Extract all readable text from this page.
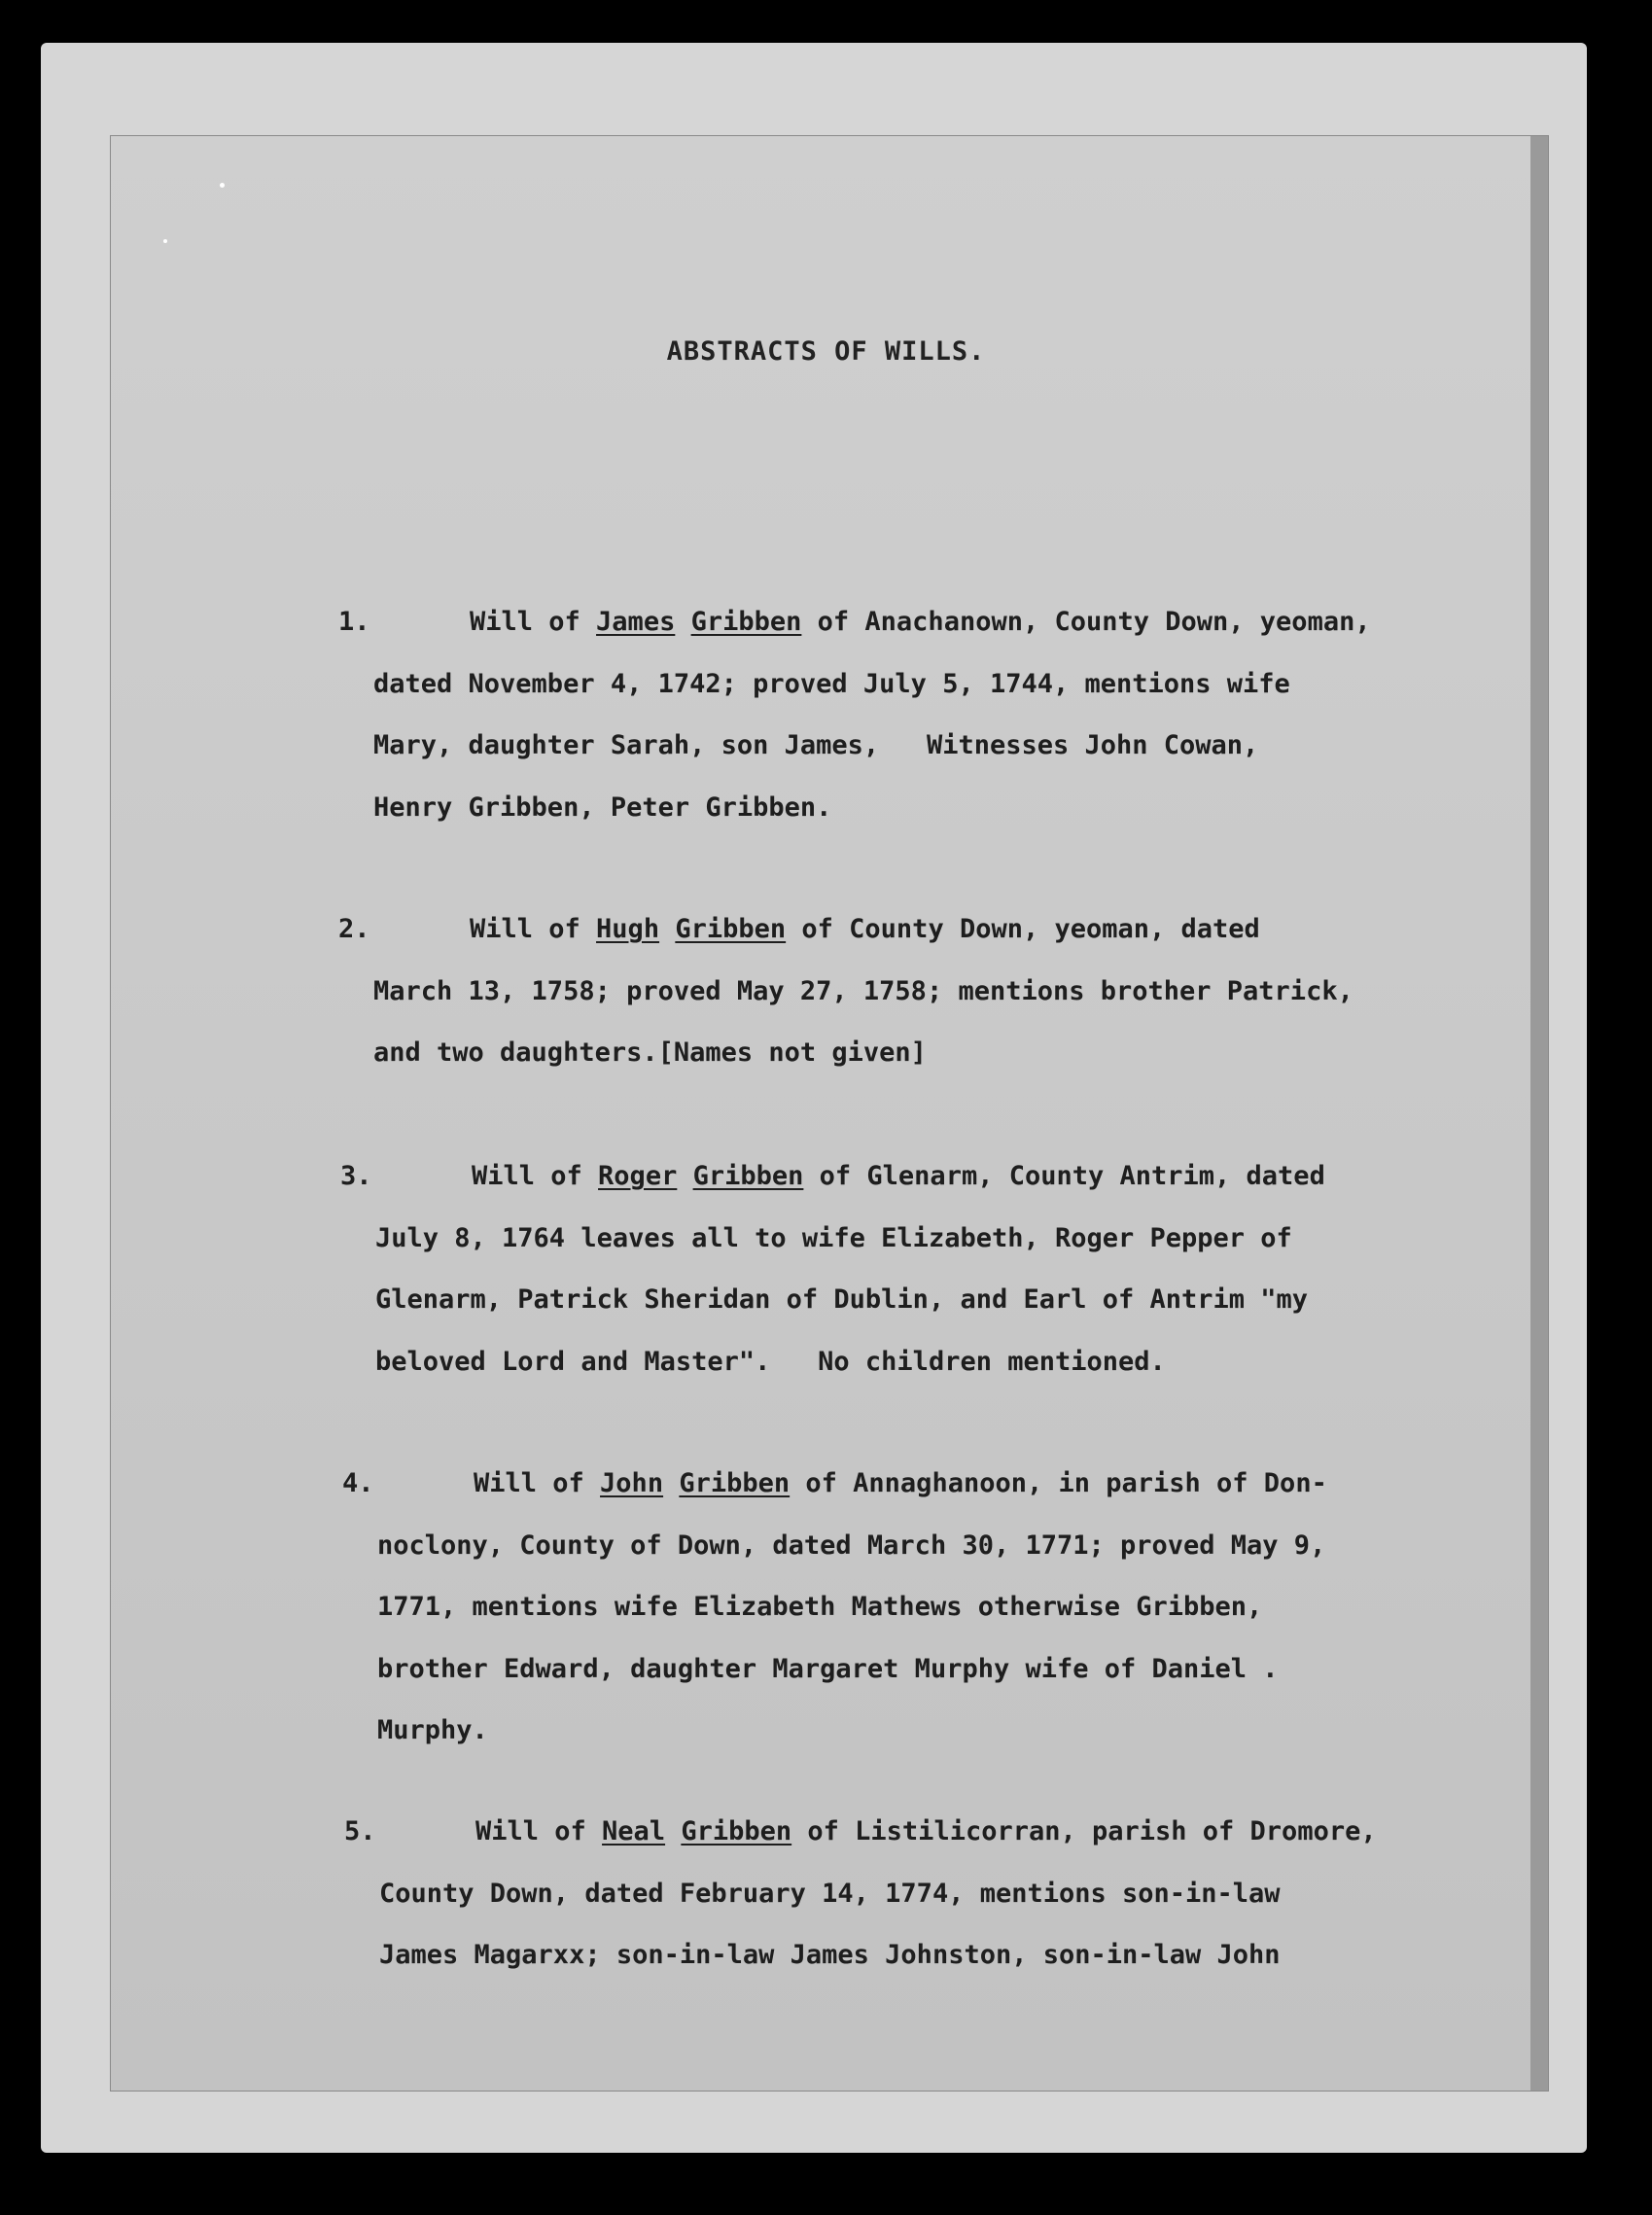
ABSTRACTS OF WILLS.
1.	Will of James Gribben of Anachanown, County Down, yeoman,
dated November 4, 1742; proved July 5, 1744, mentions wife
Mary, daughter Sarah, son James,   Witnesses John Cowan,
Henry Gribben, Peter Gribben.
2.	Will of Hugh Gribben of County Down, yeoman, dated
March 13, 1758; proved May 27, 1758; mentions brother Patrick,
and two daughters.[Names not given]
3.	Will of Roger Gribben of Glenarm, County Antrim, dated
July 8, 1764 leaves all to wife Elizabeth, Roger Pepper of
Glenarm, Patrick Sheridan of Dublin, and Earl of Antrim "my
beloved Lord and Master".   No children mentioned.
4.	Will of John Gribben of Annaghanoon, in parish of Don-
noclony, County of Down, dated March 30, 1771; proved May 9,
1771, mentions wife Elizabeth Mathews otherwise Gribben,
brother Edward, daughter Margaret Murphy wife of Daniel .
Murphy.
5.	Will of Neal Gribben of Listilicorran, parish of Dromore,
County Down, dated February 14, 1774, mentions son-in-law
James Magarxx; son-in-law James Johnston, son-in-law John
